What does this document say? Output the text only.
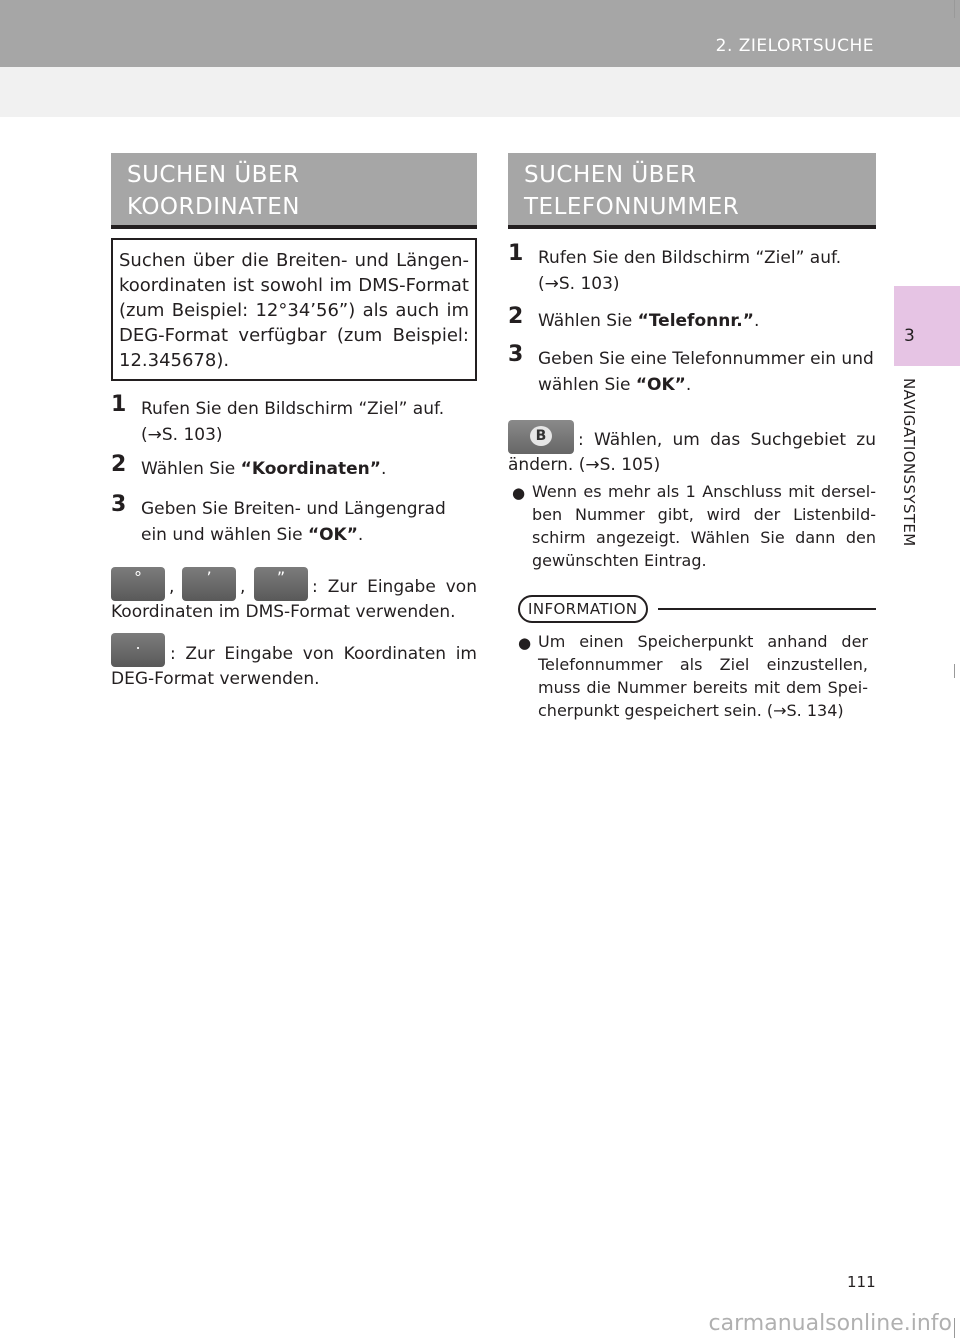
2. ZIELORTSUCHE
3
NAVIGATIONSSYSTEM
SUCHEN ÜBER
KOORDINATEN
Suchen über die Breiten- und Längenkoordinaten ist sowohl im DMS-Format (zum Beispiel: 12°34’56”) als auch im DEG-Format verfügbar (zum Beispiel: 12.345678).
1 Rufen Sie den Bildschirm “Ziel” auf. (→S. 103)
2 Wählen Sie “Koordinaten”.
3 Geben Sie Breiten- und Längengrad ein und wählen Sie “OK”.
°	,	’	,	”	: Zur Eingabe von Koordinaten im DMS-Format verwenden.
.
: Zur Eingabe von Koordinaten im DEG-Format verwenden.
SUCHEN ÜBER
TELEFONNUMMER
1 Rufen Sie den Bildschirm “Ziel” auf. (→S. 103)
2 Wählen Sie “Telefonnr.”.
3 Geben Sie eine Telefonnummer ein und wählen Sie “OK”.
B	: Wählen, um das Suchgebiet zu ändern. (→S. 105)
● Wenn es mehr als 1 Anschluss mit derselben Nummer gibt, wird der Listenbildschirm angezeigt. Wählen Sie dann den gewünschten Eintrag.
INFORMATION
● Um einen Speicherpunkt anhand der Telefonnummer als Ziel einzustellen, muss die Nummer bereits mit dem Speicherpunkt gespeichert sein. (→S. 134)
111
carmanualsonline.info
